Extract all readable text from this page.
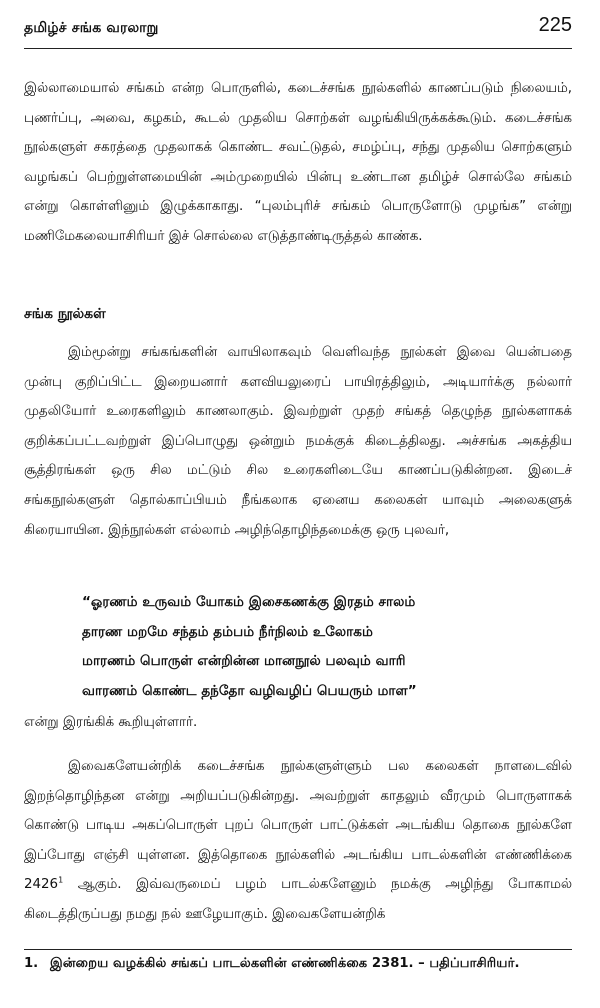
தமிழ்ச் சங்க வரலாறு	225

இல்லாமையால் சங்கம் என்ற பொருளில், கடைச்சங்க நூல்களில் காணப்படும் நிலையம், புணர்ப்பு, அவை, கழகம், கூடல் முதலிய சொற்கள் வழங்கியிருக்கக்கூடும். கடைச்சங்க நூல்களுள் சகரத்தை முதலாகக் கொண்ட சவட்டுதல், சமழ்ப்பு, சந்து முதலிய சொற்களும் வழங்கப் பெற்றுள்ளமையின் அம்முறையில் பின்பு உண்டான தமிழ்ச் சொல்லே சங்கம் என்று கொள்ளினும் இழுக்காகாது. “புலம்புரிச் சங்கம் பொருளோடு முழங்க” என்று மணிமேகலையாசிரியர் இச் சொல்லை எடுத்தாண்டிருத்தல் காண்க.

சங்க நூல்கள்

இம்மூன்று சங்கங்களின் வாயிலாகவும் வெளிவந்த நூல்கள் இவை யென்பதை முன்பு குறிப்பிட்ட இறையனார் களவியலுரைப் பாயிரத்திலும், அடியார்க்கு நல்லார் முதலியோர் உரைகளிலும் காணலாகும். இவற்றுள் முதற் சங்கத் தெழுந்த நூல்களாகக் குறிக்கப்பட்டவற்றுள் இப்பொழுது ஒன்றும் நமக்குக் கிடைத்திலது. அச்சங்க அகத்திய சூத்திரங்கள் ஒரு சில மட்டும் சில உரைகளிடையே காணப்படுகின்றன. இடைச் சங்கநூல்களுள் தொல்காப்பியம் நீங்கலாக ஏனைய கலைகள் யாவும் அலைகளுக் கிரையாயின. இந்நூல்கள் எல்லாம் அழிந்தொழிந்தமைக்கு ஒரு புலவர்,

“ஓரணம் உருவம் யோகம் இசைகணக்கு இரதம் சாலம்
தாரண மறமே சந்தம் தம்பம் நீர்நிலம் உலோகம்
மாரணம் பொருள் என்றின்ன மானநூல் பலவும் வாரி
வாரணம் கொண்ட தந்தோ வழிவழிப் பெயரும் மாள”

என்று இரங்கிக் கூறியுள்ளார்.

இவைகளேயன்றிக் கடைச்சங்க நூல்களுள்ளும் பல கலைகள் நாளடைவில் இறந்தொழிந்தன என்று அறியப்படுகின்றது. அவற்றுள் காதலும் வீரமும் பொருளாகக் கொண்டு பாடிய அகப்பொருள் புறப் பொருள் பாட்டுக்கள் அடங்கிய தொகை நூல்களே இப்போது எஞ்சி யுள்ளன. இத்தொகை நூல்களில் அடங்கிய பாடல்களின் எண்ணிக்கை 2426$^1$ ஆகும். இவ்வருமைப் பழம் பாடல்களேனும் நமக்கு அழிந்து போகாமல் கிடைத்திருப்பது நமது நல் ஊழேயாகும். இவைகளேயன்றிக்

1. இன்றைய வழக்கில் சங்கப் பாடல்களின் எண்ணிக்கை 2381. – பதிப்பாசிரியர்.
